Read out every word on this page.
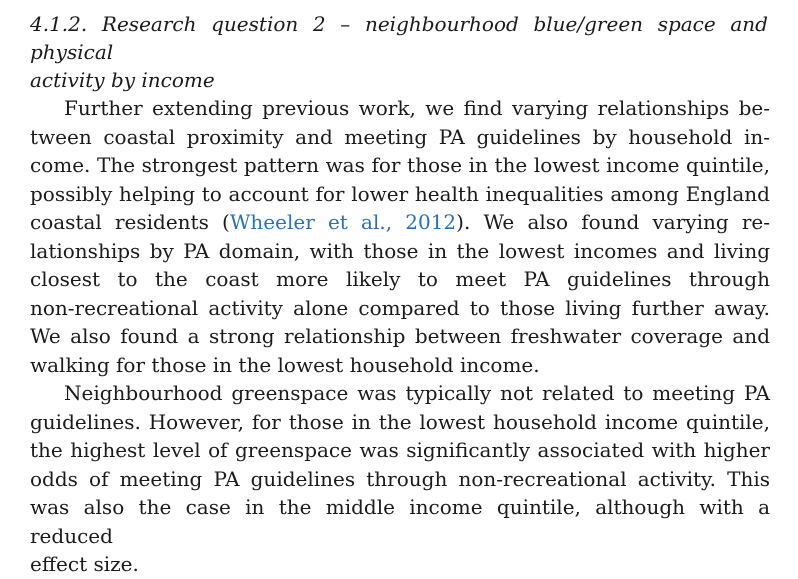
4.1.2. Research question 2 – neighbourhood blue/green space and physical
activity by income

Further extending previous work, we find varying relationships be-
tween coastal proximity and meeting PA guidelines by household in-
come. The strongest pattern was for those in the lowest income quintile,
possibly helping to account for lower health inequalities among England
coastal residents (Wheeler et al., 2012). We also found varying re-
lationships by PA domain, with those in the lowest incomes and living
closest to the coast more likely to meet PA guidelines through
non-recreational activity alone compared to those living further away.
We also found a strong relationship between freshwater coverage and
walking for those in the lowest household income.

Neighbourhood greenspace was typically not related to meeting PA
guidelines. However, for those in the lowest household income quintile,
the highest level of greenspace was significantly associated with higher
odds of meeting PA guidelines through non-recreational activity. This
was also the case in the middle income quintile, although with a reduced
effect size.
